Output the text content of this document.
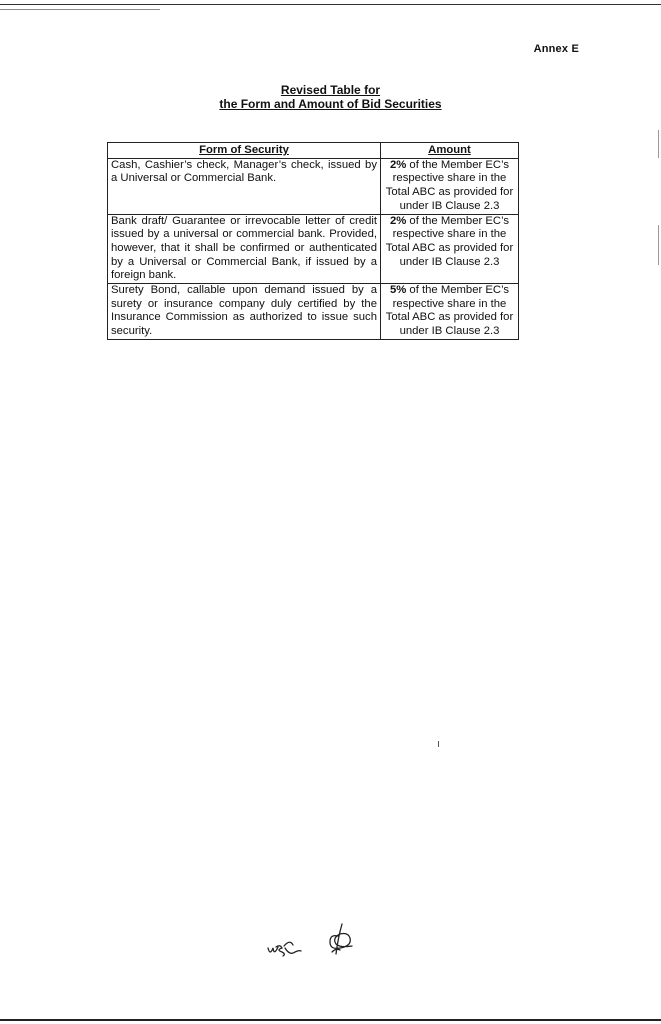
Annex E
Revised Table for
the Form and Amount of Bid Securities
Form of Security	Amount
Cash, Cashier’s check, Manager’s check, issued by a Universal or Commercial Bank.	2% of the Member EC’s respective share in the Total ABC as provided for under IB Clause 2.3
Bank draft/ Guarantee or irrevocable letter of credit issued by a universal or commercial bank. Provided, however, that it shall be confirmed or authenticated by a Universal or Commercial Bank, if issued by a foreign bank.	2% of the Member EC’s respective share in the Total ABC as provided for under IB Clause 2.3
Surety Bond, callable upon demand issued by a surety or insurance company duly certified by the Insurance Commission as authorized to issue such security.	5% of the Member EC’s respective share in the Total ABC as provided for under IB Clause 2.3
